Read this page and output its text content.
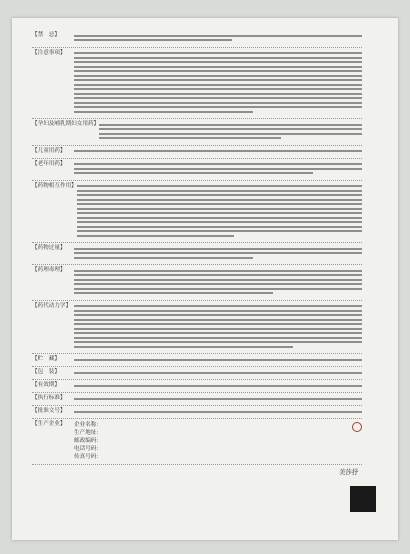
【禁　忌】
【注意事项】
【孕妇及哺乳期妇女用药】
【儿童用药】
【老年用药】
【药物相互作用】
【药物过量】
【药理毒理】
【药代动力学】
【贮　藏】
【包　装】
【有效期】
【执行标准】
【批准文号】
【生产企业】	企业名称：
生产地址：
邮政编码：
电话号码：
传真号码：
美莎抒
